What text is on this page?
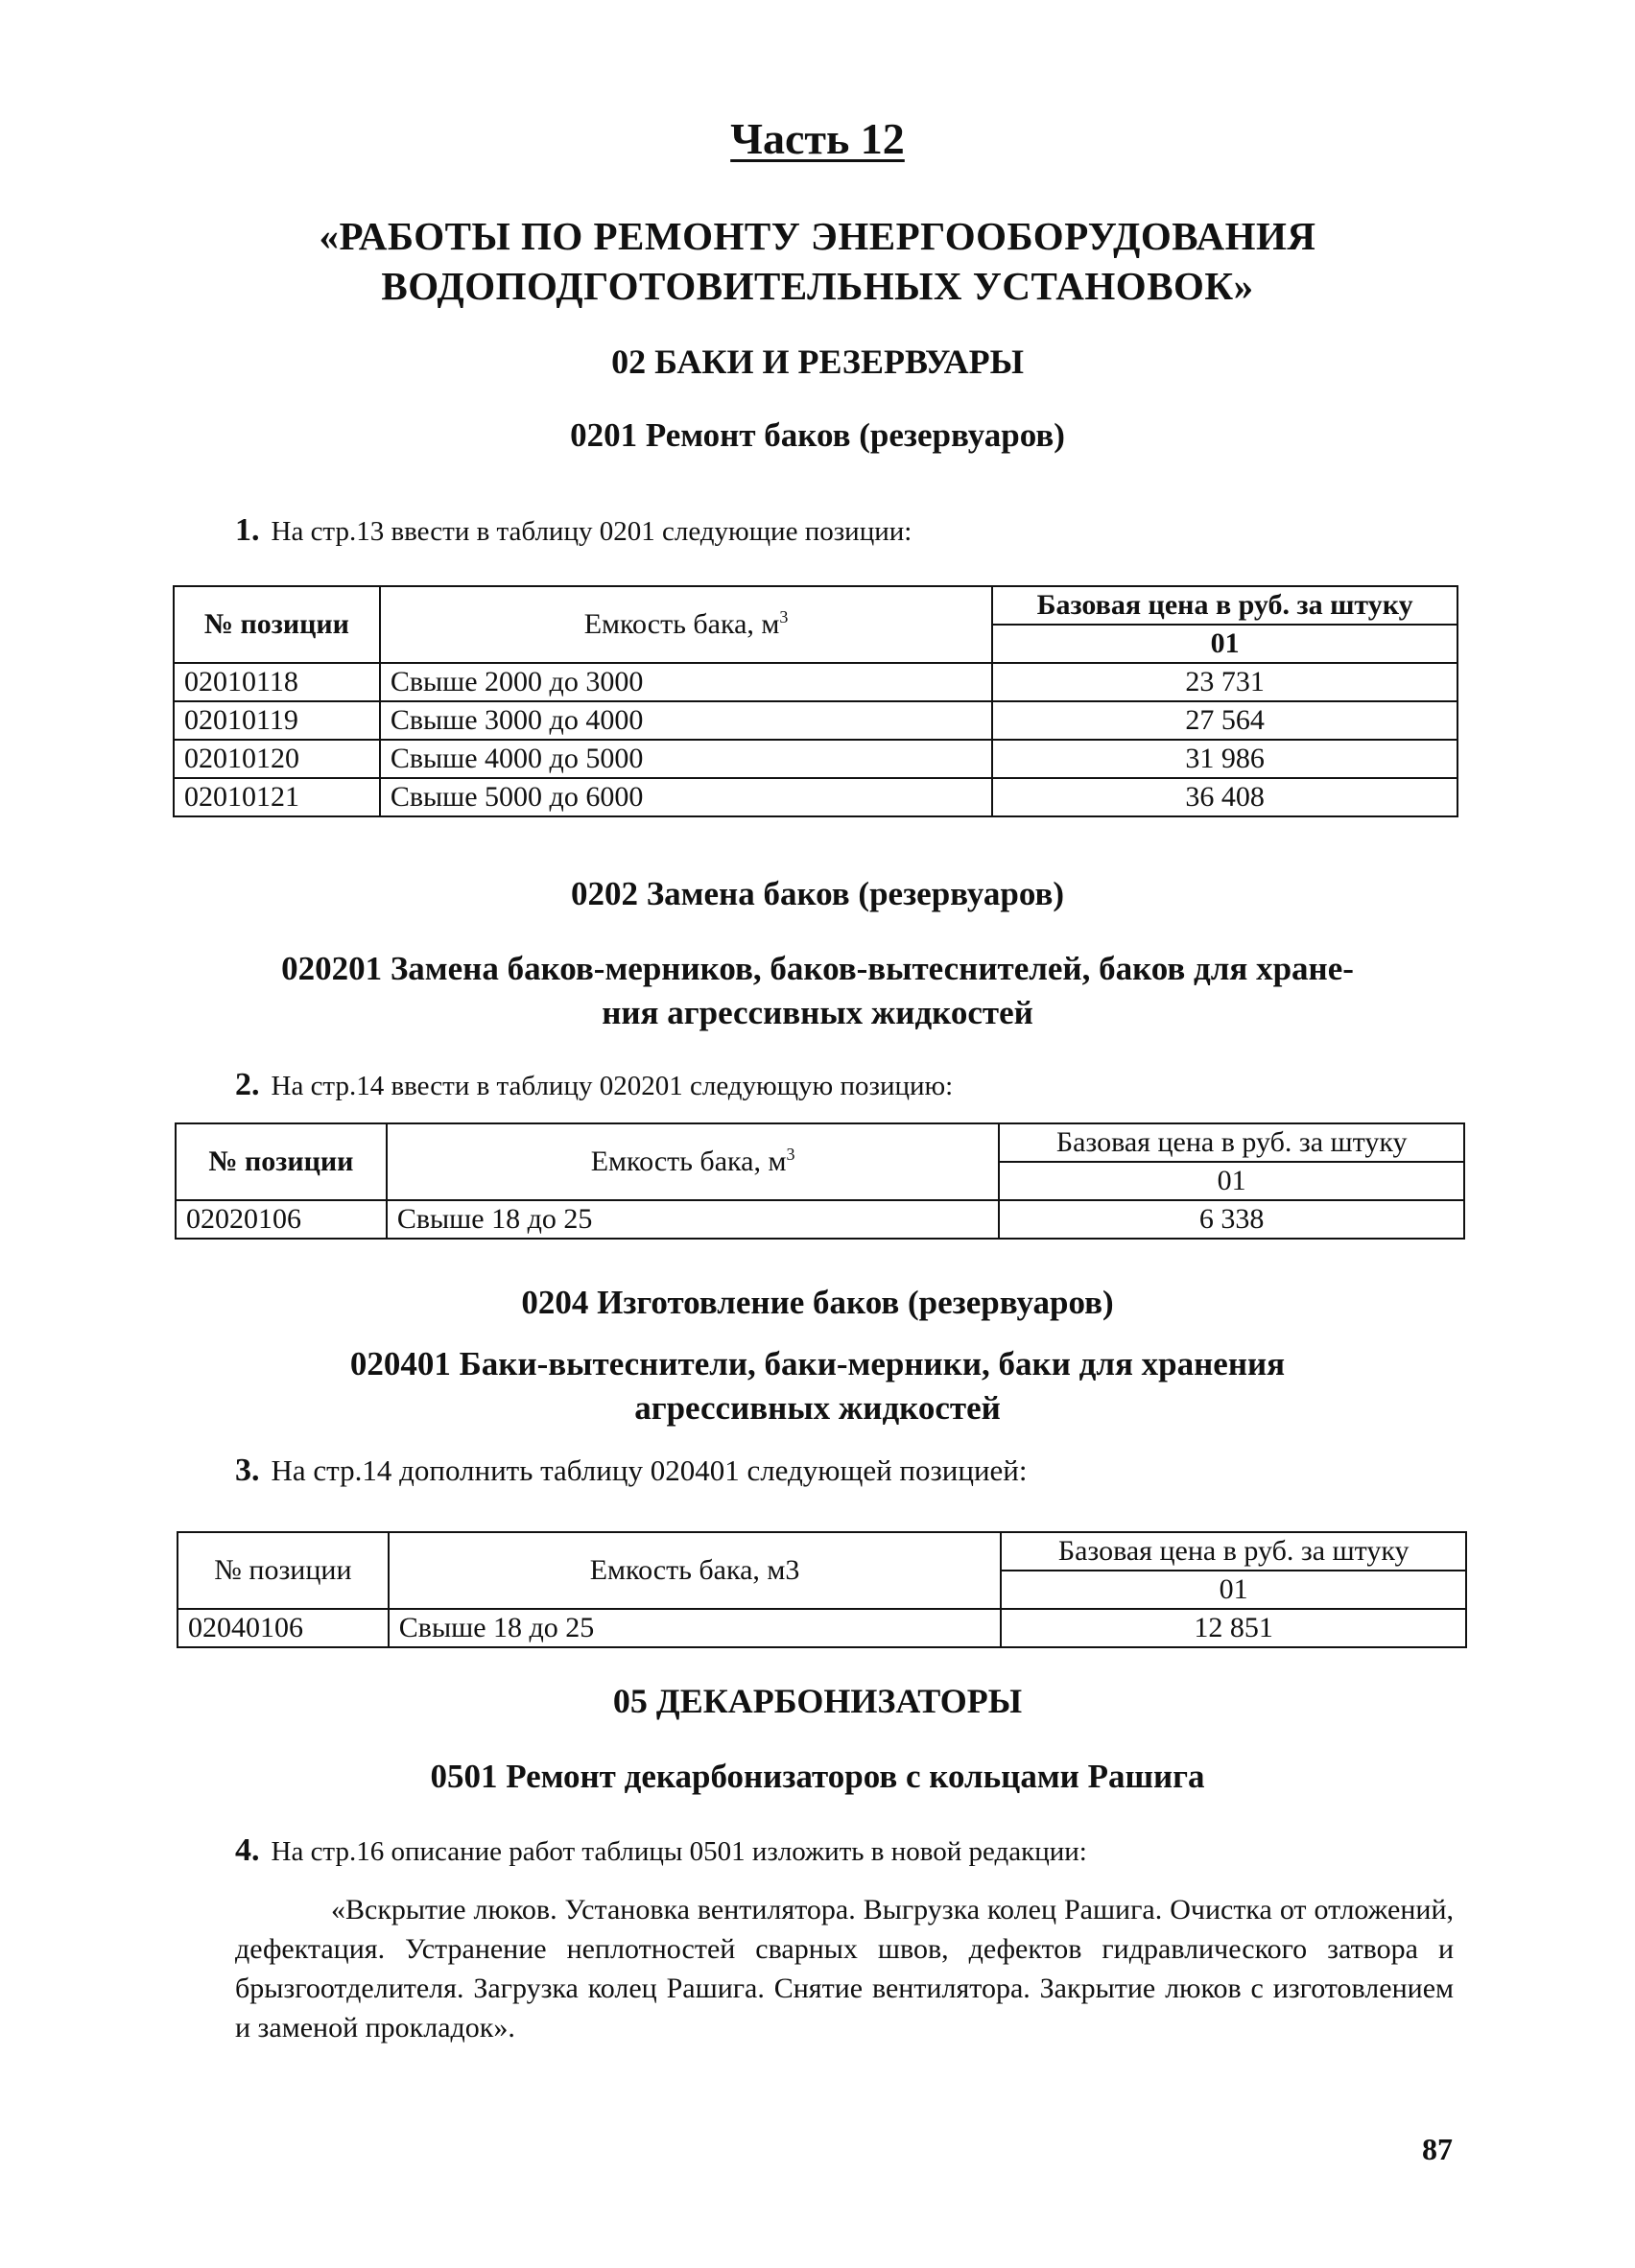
Часть 12
«РАБОТЫ ПО РЕМОНТУ ЭНЕРГООБОРУДОВАНИЯ
ВОДОПОДГОТОВИТЕЛЬНЫХ УСТАНОВОК»
02 БАКИ И РЕЗЕРВУАРЫ
0201 Ремонт баков (резервуаров)
1. На стр.13 ввести в таблицу 0201 следующие позиции:
№ позиции	Емкость бака, $м^3$	Базовая цена в руб. за штуку
		01
02010118	Свыше 2000 до 3000	23 731
02010119	Свыше 3000 до 4000	27 564
02010120	Свыше 4000 до 5000	31 986
02010121	Свыше 5000 до 6000	36 408
0202 Замена баков (резервуаров)
020201 Замена баков-мерников, баков-вытеснителей, баков для хране-
ния агрессивных жидкостей
2. На стр.14 ввести в таблицу 020201 следующую позицию:
№ позиции	Емкость бака, $м^3$	Базовая цена в руб. за штуку
		01
02020106	Свыше 18 до 25	6 338
0204 Изготовление баков (резервуаров)
020401 Баки-вытеснители, баки-мерники, баки для хранения
агрессивных жидкостей
3. На стр.14 дополнить таблицу 020401 следующей позицией:
№ позиции	Емкость бака, м3	Базовая цена в руб. за штуку
		01
02040106	Свыше 18 до 25	12 851
05 ДЕКАРБОНИЗАТОРЫ
0501 Ремонт декарбонизаторов с кольцами Рашига
4. На стр.16 описание работ таблицы 0501 изложить в новой редакции:
«Вскрытие люков. Установка вентилятора. Выгрузка колец Рашига. Очистка от отложений, дефектация. Устранение неплотностей сварных швов, дефектов гидравлического затвора и брызгоотделителя. Загрузка колец Рашига. Снятие вентилятора. Закрытие люков с изготовлением и заменой прокладок».
87
